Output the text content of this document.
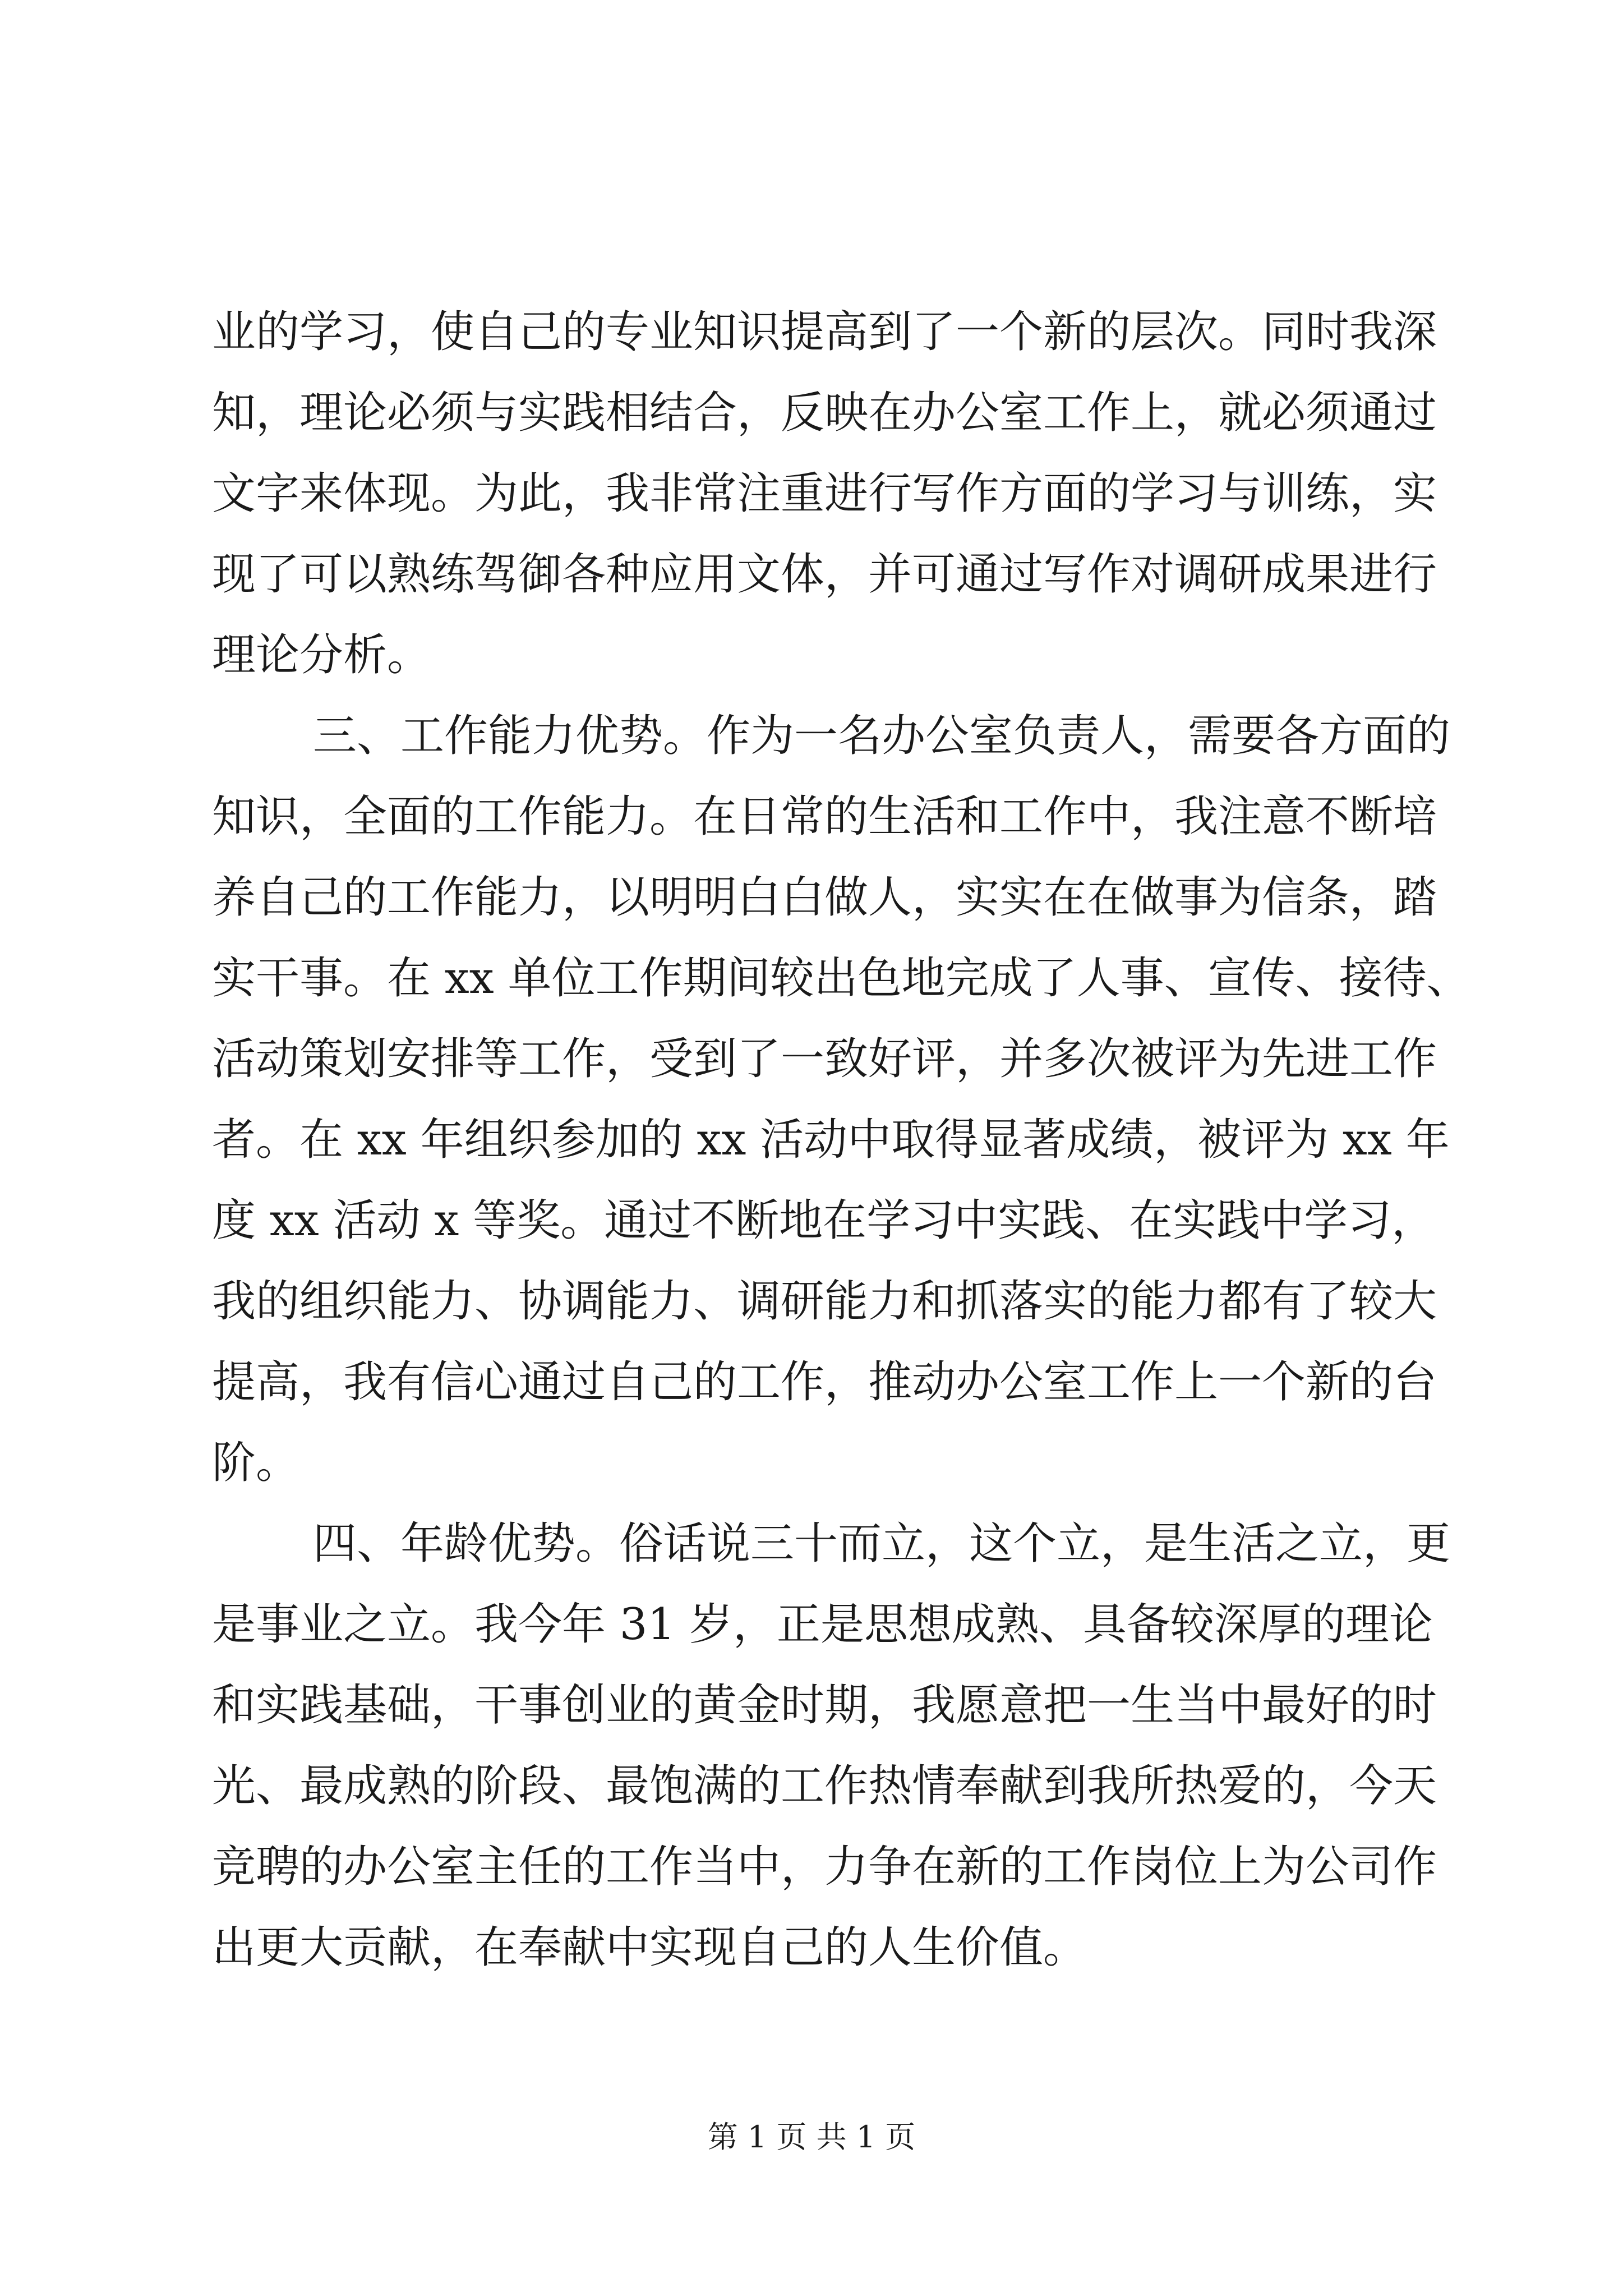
业的学习，使自己的专业知识提高到了一个新的层次。同时我深
知，理论必须与实践相结合，反映在办公室工作上，就必须通过
文字来体现。为此，我非常注重进行写作方面的学习与训练，实
现了可以熟练驾御各种应用文体，并可通过写作对调研成果进行
理论分析。
三、工作能力优势。作为一名办公室负责人，需要各方面的
知识，全面的工作能力。在日常的生活和工作中，我注意不断培
养自己的工作能力，以明明白白做人，实实在在做事为信条，踏
实干事。在 xx 单位工作期间较出色地完成了人事、宣传、接待、
活动策划安排等工作，受到了一致好评，并多次被评为先进工作
者。在 xx 年组织参加的 xx 活动中取得显著成绩，被评为 xx 年
度 xx 活动 x 等奖。通过不断地在学习中实践、在实践中学习，
我的组织能力、协调能力、调研能力和抓落实的能力都有了较大
提高，我有信心通过自己的工作，推动办公室工作上一个新的台
阶。
四、年龄优势。俗话说三十而立，这个立，是生活之立，更
是事业之立。我今年 31 岁，正是思想成熟、具备较深厚的理论
和实践基础，干事创业的黄金时期，我愿意把一生当中最好的时
光、最成熟的阶段、最饱满的工作热情奉献到我所热爱的，今天
竞聘的办公室主任的工作当中，力争在新的工作岗位上为公司作
出更大贡献，在奉献中实现自己的人生价值。
第 1 页 共 1 页
